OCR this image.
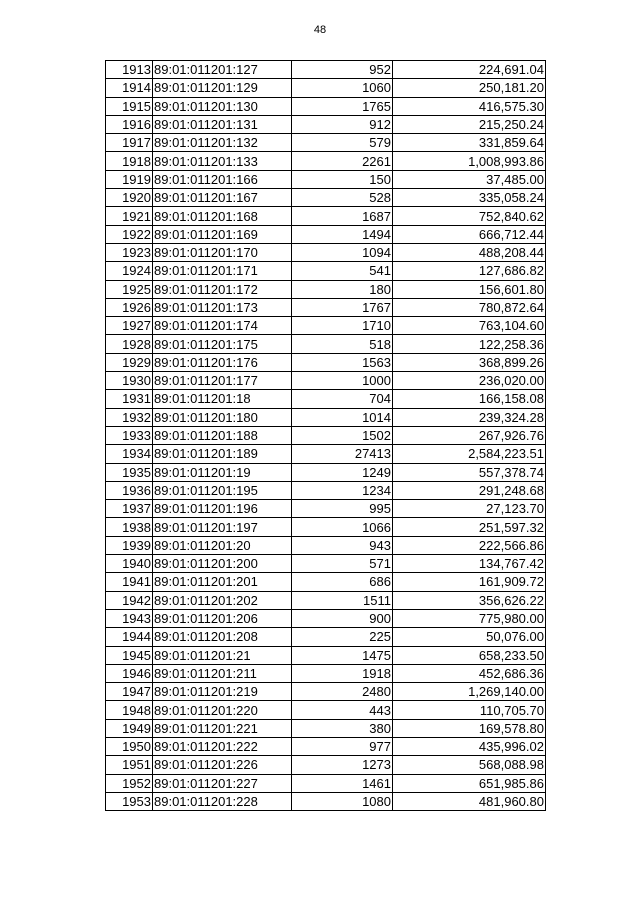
48
1913	89:01:011201:127	952	224,691.04
1914	89:01:011201:129	1060	250,181.20
1915	89:01:011201:130	1765	416,575.30
1916	89:01:011201:131	912	215,250.24
1917	89:01:011201:132	579	331,859.64
1918	89:01:011201:133	2261	1,008,993.86
1919	89:01:011201:166	150	37,485.00
1920	89:01:011201:167	528	335,058.24
1921	89:01:011201:168	1687	752,840.62
1922	89:01:011201:169	1494	666,712.44
1923	89:01:011201:170	1094	488,208.44
1924	89:01:011201:171	541	127,686.82
1925	89:01:011201:172	180	156,601.80
1926	89:01:011201:173	1767	780,872.64
1927	89:01:011201:174	1710	763,104.60
1928	89:01:011201:175	518	122,258.36
1929	89:01:011201:176	1563	368,899.26
1930	89:01:011201:177	1000	236,020.00
1931	89:01:011201:18	704	166,158.08
1932	89:01:011201:180	1014	239,324.28
1933	89:01:011201:188	1502	267,926.76
1934	89:01:011201:189	27413	2,584,223.51
1935	89:01:011201:19	1249	557,378.74
1936	89:01:011201:195	1234	291,248.68
1937	89:01:011201:196	995	27,123.70
1938	89:01:011201:197	1066	251,597.32
1939	89:01:011201:20	943	222,566.86
1940	89:01:011201:200	571	134,767.42
1941	89:01:011201:201	686	161,909.72
1942	89:01:011201:202	1511	356,626.22
1943	89:01:011201:206	900	775,980.00
1944	89:01:011201:208	225	50,076.00
1945	89:01:011201:21	1475	658,233.50
1946	89:01:011201:211	1918	452,686.36
1947	89:01:011201:219	2480	1,269,140.00
1948	89:01:011201:220	443	110,705.70
1949	89:01:011201:221	380	169,578.80
1950	89:01:011201:222	977	435,996.02
1951	89:01:011201:226	1273	568,088.98
1952	89:01:011201:227	1461	651,985.86
1953	89:01:011201:228	1080	481,960.80
